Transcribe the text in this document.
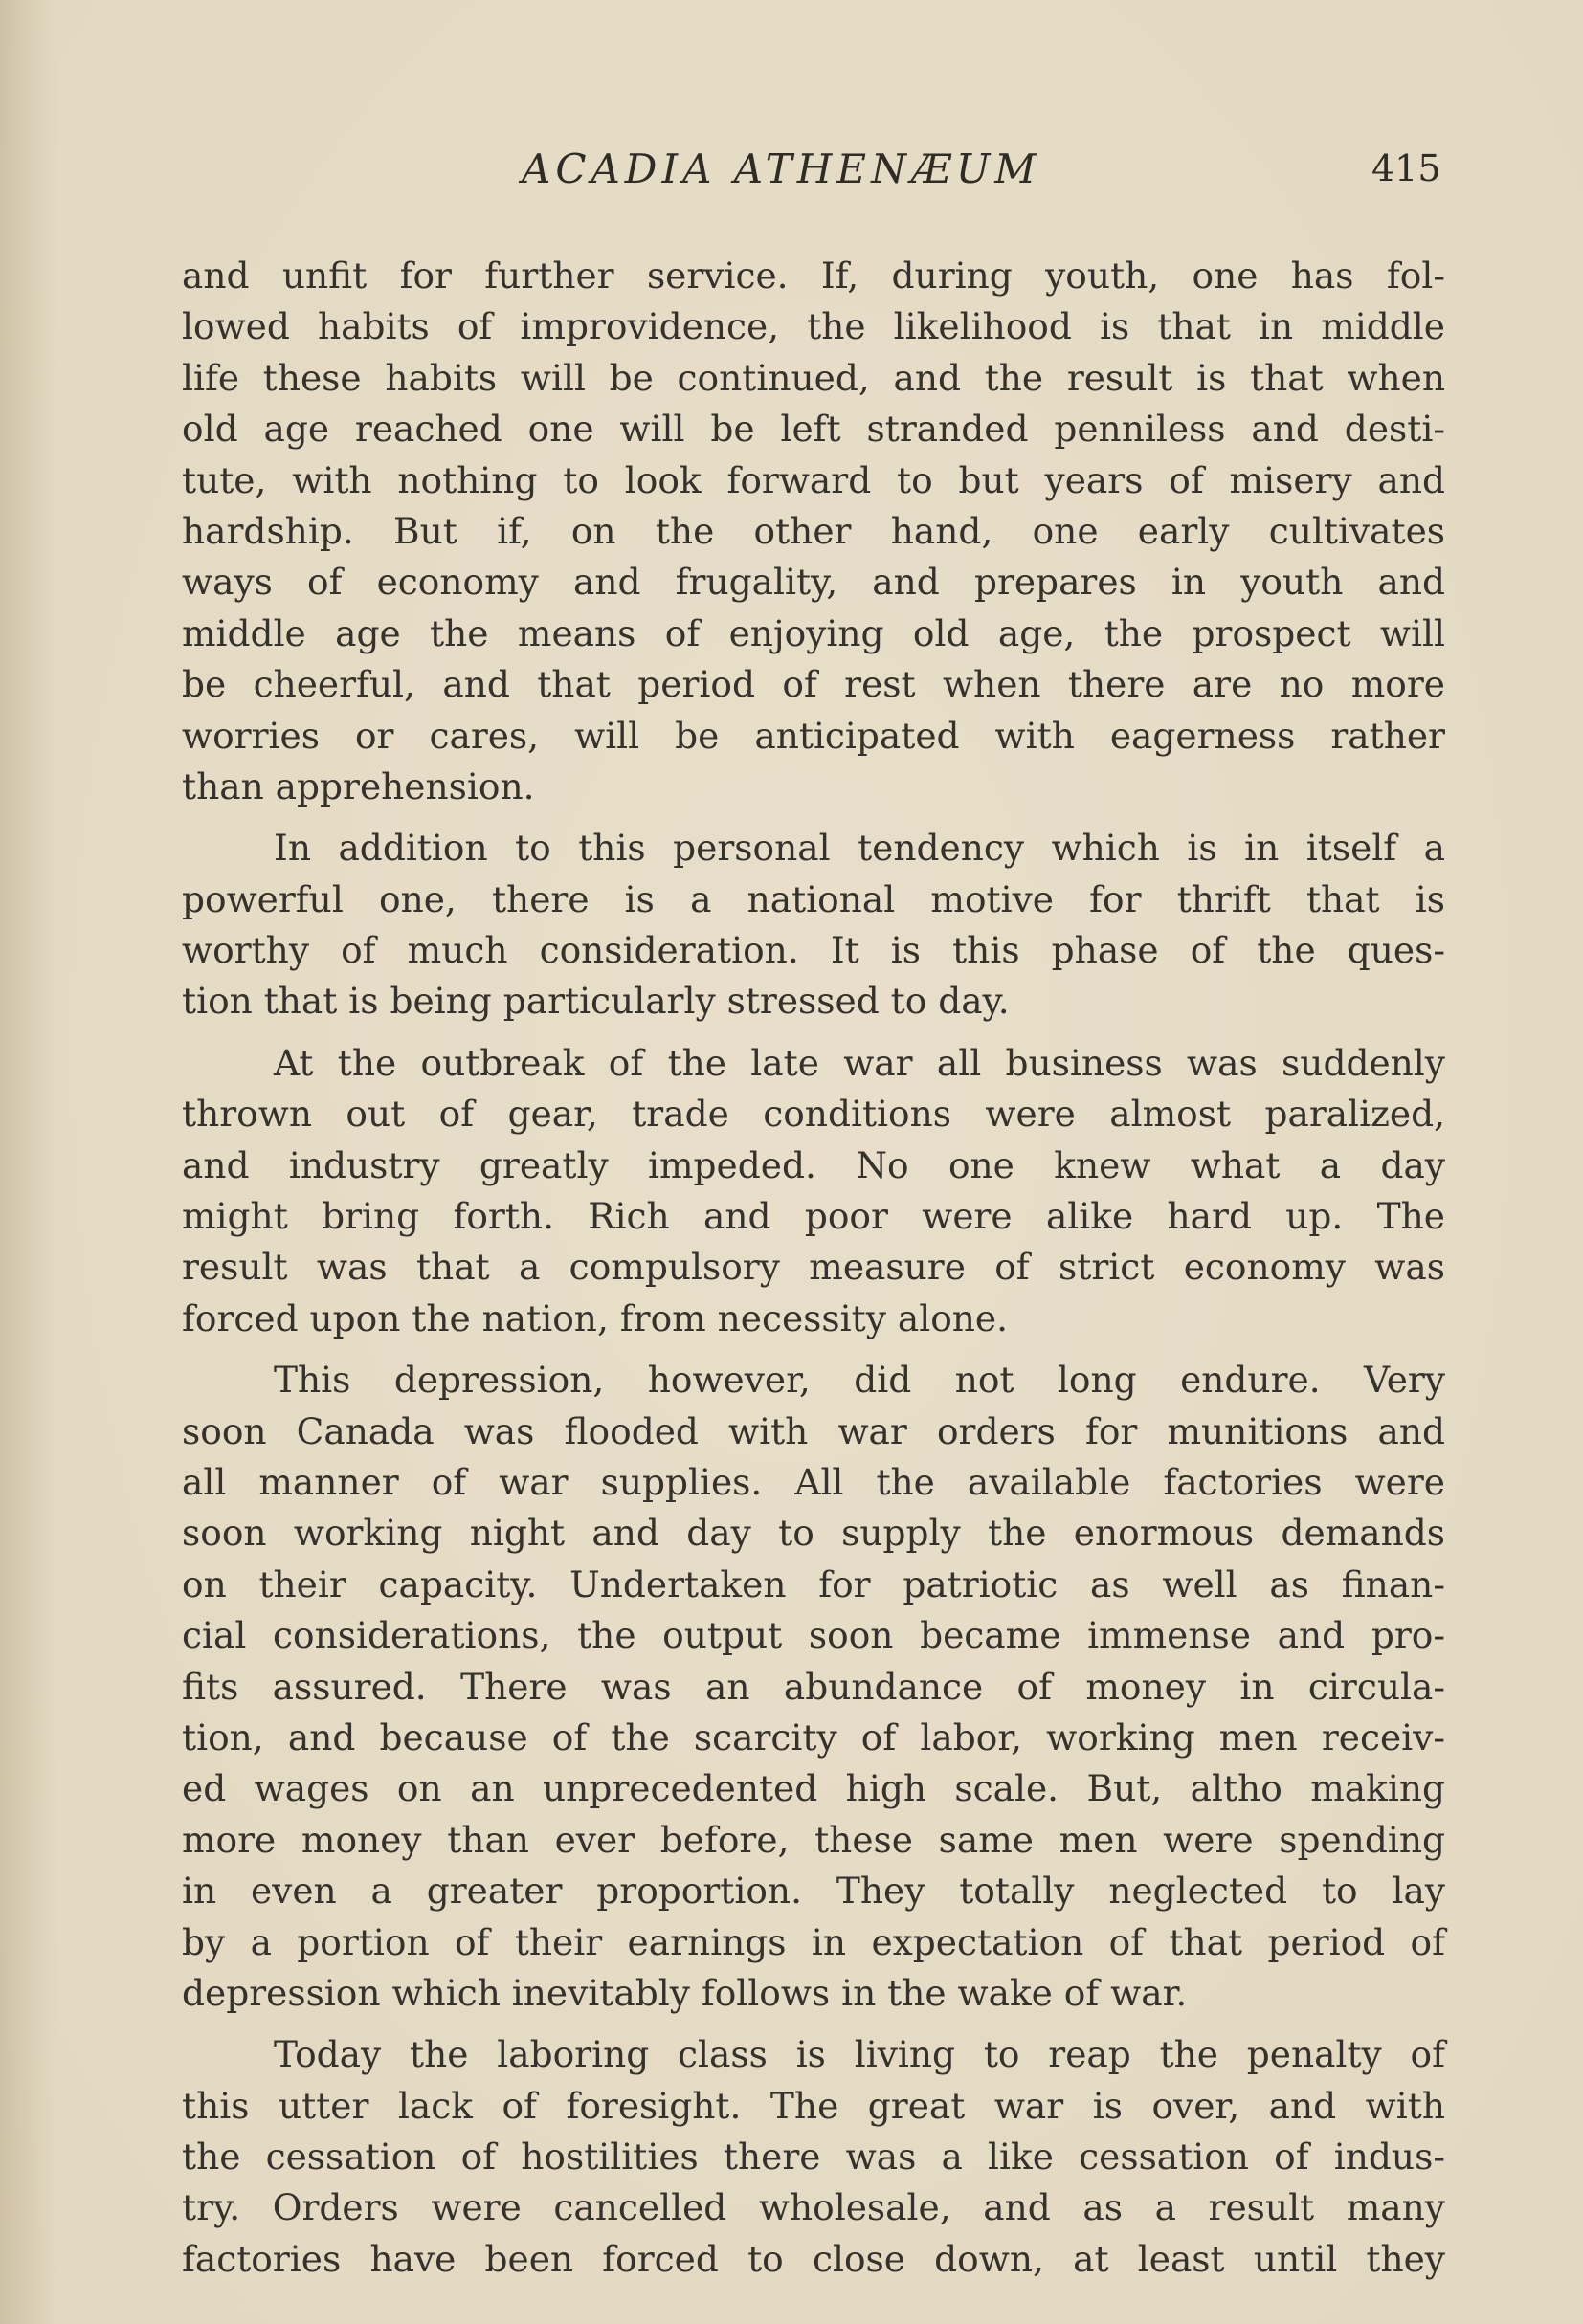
ACADIA ATHENÆUM	415
and unfit for further service. If, during youth, one has fol-
lowed habits of improvidence, the likelihood is that in middle
life these habits will be continued, and the result is that when
old age reached one will be left stranded penniless and desti-
tute, with nothing to look forward to but years of misery and
hardship. But if, on the other hand, one early cultivates
ways of economy and frugality, and prepares in youth and
middle age the means of enjoying old age, the prospect will
be cheerful, and that period of rest when there are no more
worries or cares, will be anticipated with eagerness rather
than apprehension.
In addition to this personal tendency which is in itself a
powerful one, there is a national motive for thrift that is
worthy of much consideration. It is this phase of the ques-
tion that is being particularly stressed to day.
At the outbreak of the late war all business was suddenly
thrown out of gear, trade conditions were almost paralized,
and industry greatly impeded. No one knew what a day
might bring forth. Rich and poor were alike hard up. The
result was that a compulsory measure of strict economy was
forced upon the nation, from necessity alone.
This depression, however, did not long endure. Very
soon Canada was flooded with war orders for munitions and
all manner of war supplies. All the available factories were
soon working night and day to supply the enormous demands
on their capacity. Undertaken for patriotic as well as finan-
cial considerations, the output soon became immense and pro-
fits assured. There was an abundance of money in circula-
tion, and because of the scarcity of labor, working men receiv-
ed wages on an unprecedented high scale. But, altho making
more money than ever before, these same men were spending
in even a greater proportion. They totally neglected to lay
by a portion of their earnings in expectation of that period of
depression which inevitably follows in the wake of war.
Today the laboring class is living to reap the penalty of
this utter lack of foresight. The great war is over, and with
the cessation of hostilities there was a like cessation of indus-
try. Orders were cancelled wholesale, and as a result many
factories have been forced to close down, at least until they
